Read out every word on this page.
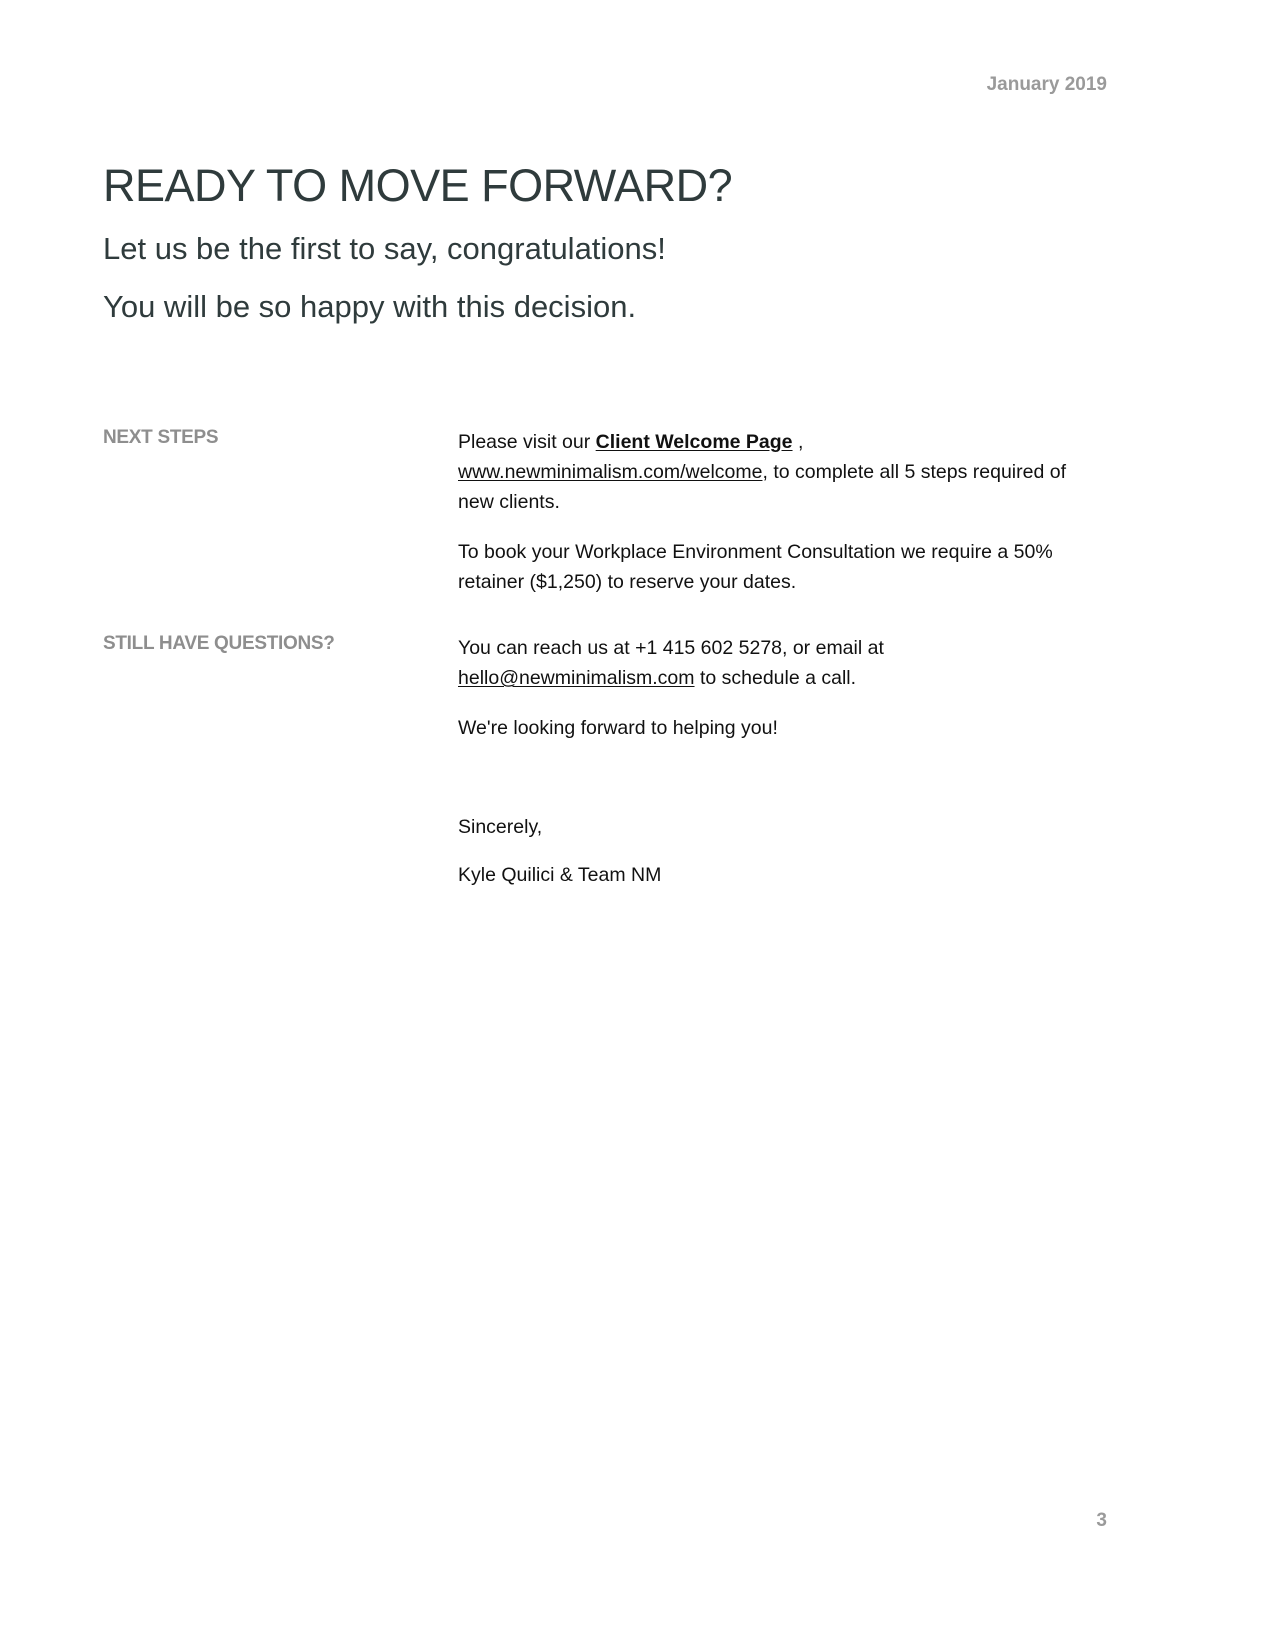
January 2019
READY TO MOVE FORWARD?

Let us be the first to say, congratulations!

You will be so happy with this decision.

NEXT STEPS	Please visit our Client Welcome Page , www.newminimalism.com/welcome, to complete all 5 steps required of new clients.

To book your Workplace Environment Consultation we require a 50% retainer ($1,250) to reserve your dates.

STILL HAVE QUESTIONS?	You can reach us at +1 415 602 5278, or email at hello@newminimalism.com to schedule a call.

We're looking forward to helping you!

Sincerely,

Kyle Quilici & Team NM

3
